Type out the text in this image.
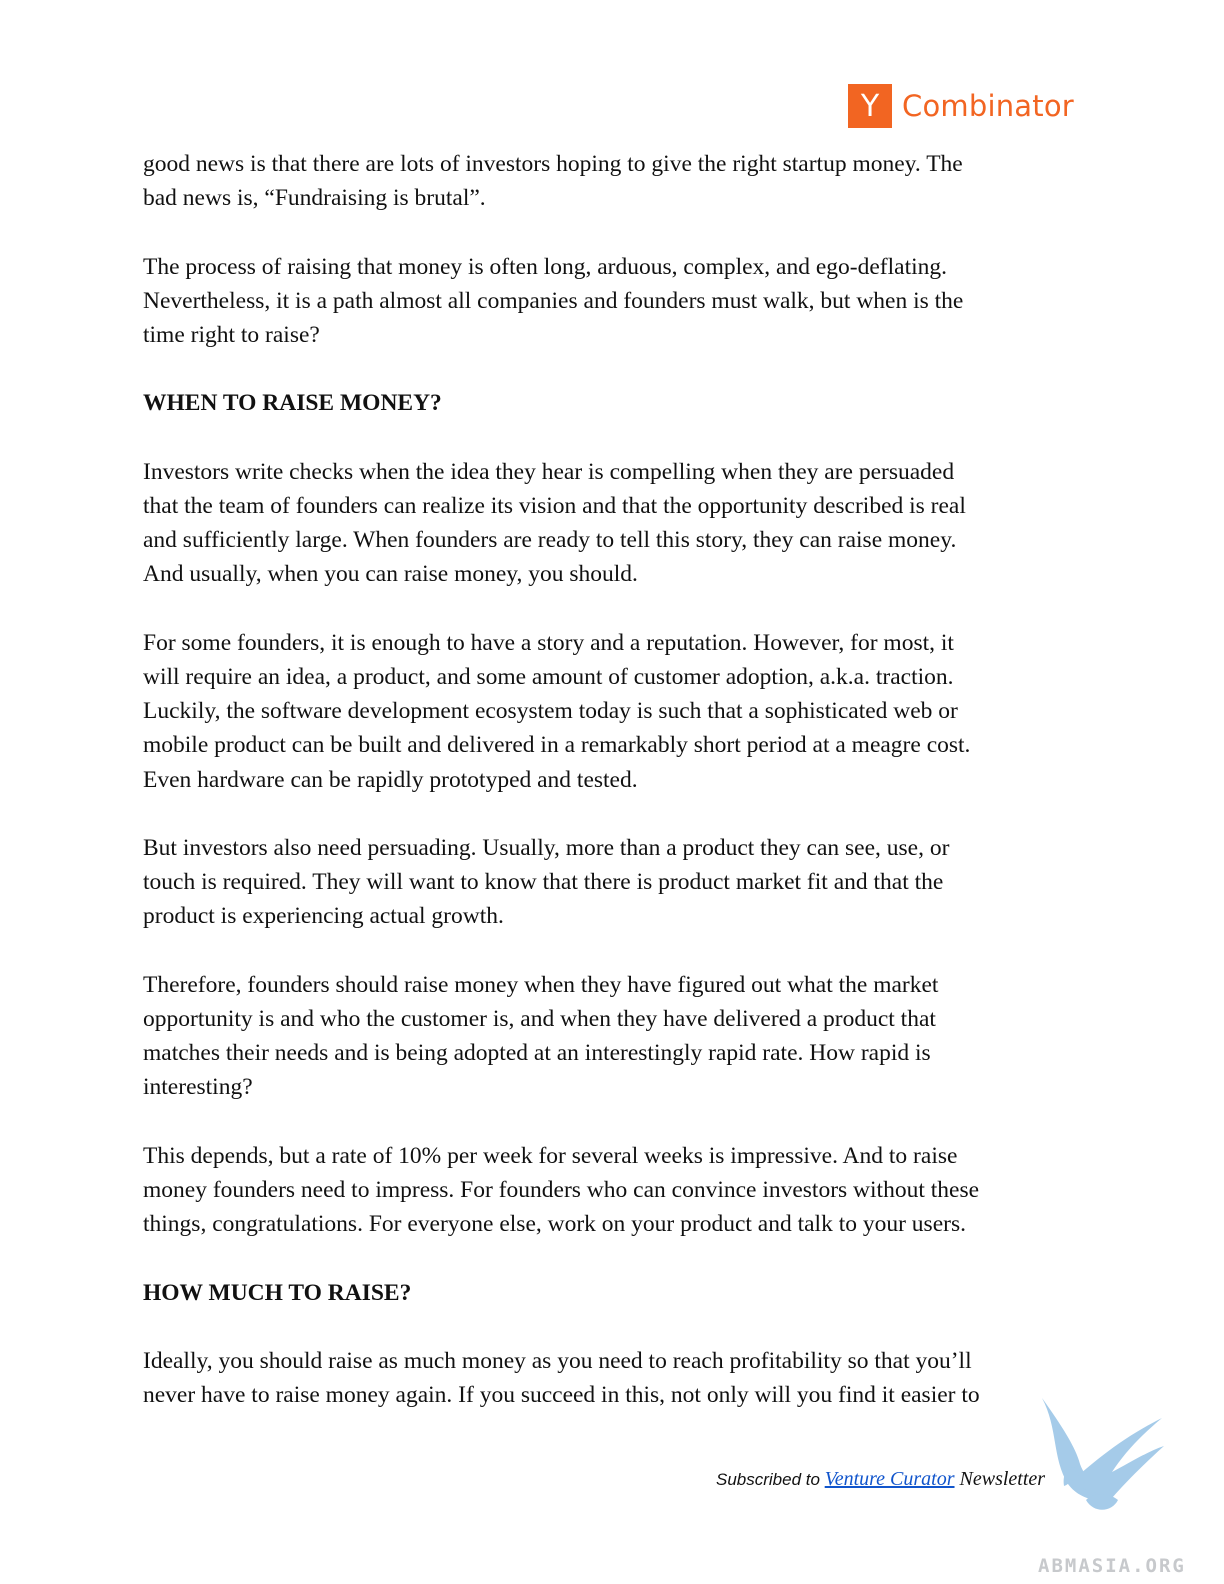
Y Combinator

good news is that there are lots of investors hoping to give the right startup money. The
bad news is, “Fundraising is brutal”.

The process of raising that money is often long, arduous, complex, and ego-deflating.
Nevertheless, it is a path almost all companies and founders must walk, but when is the
time right to raise?

WHEN TO RAISE MONEY?

Investors write checks when the idea they hear is compelling when they are persuaded
that the team of founders can realize its vision and that the opportunity described is real
and sufficiently large. When founders are ready to tell this story, they can raise money.
And usually, when you can raise money, you should.

For some founders, it is enough to have a story and a reputation. However, for most, it
will require an idea, a product, and some amount of customer adoption, a.k.a. traction.
Luckily, the software development ecosystem today is such that a sophisticated web or
mobile product can be built and delivered in a remarkably short period at a meagre cost.
Even hardware can be rapidly prototyped and tested.

But investors also need persuading. Usually, more than a product they can see, use, or
touch is required. They will want to know that there is product market fit and that the
product is experiencing actual growth.

Therefore, founders should raise money when they have figured out what the market
opportunity is and who the customer is, and when they have delivered a product that
matches their needs and is being adopted at an interestingly rapid rate. How rapid is
interesting?

This depends, but a rate of 10% per week for several weeks is impressive. And to raise
money founders need to impress. For founders who can convince investors without these
things, congratulations. For everyone else, work on your product and talk to your users.

HOW MUCH TO RAISE?

Ideally, you should raise as much money as you need to reach profitability so that you’ll
never have to raise money again. If you succeed in this, not only will you find it easier to

ABMASIA.ORG
Subscribed to Venture Curator Newsletter
